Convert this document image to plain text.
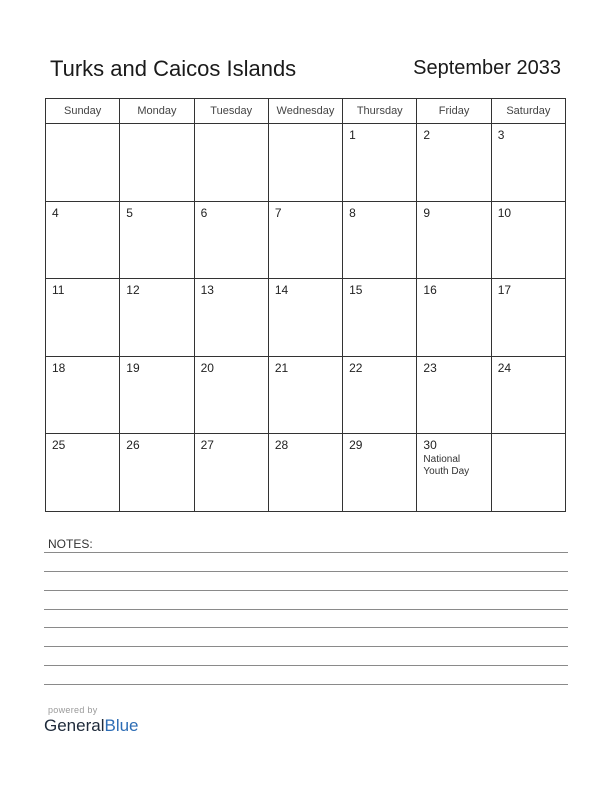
Turks and Caicos Islands	September 2033
Sunday	Monday	Tuesday	Wednesday	Thursday	Friday	Saturday

				1	2	3

4	5	6	7	8	9	10

11	12	13	14	15	16	17

18	19	20	21	22	23	24

25	26	27	28	29	30
National Youth Day	

NOTES:
powered by
GeneralBlue
